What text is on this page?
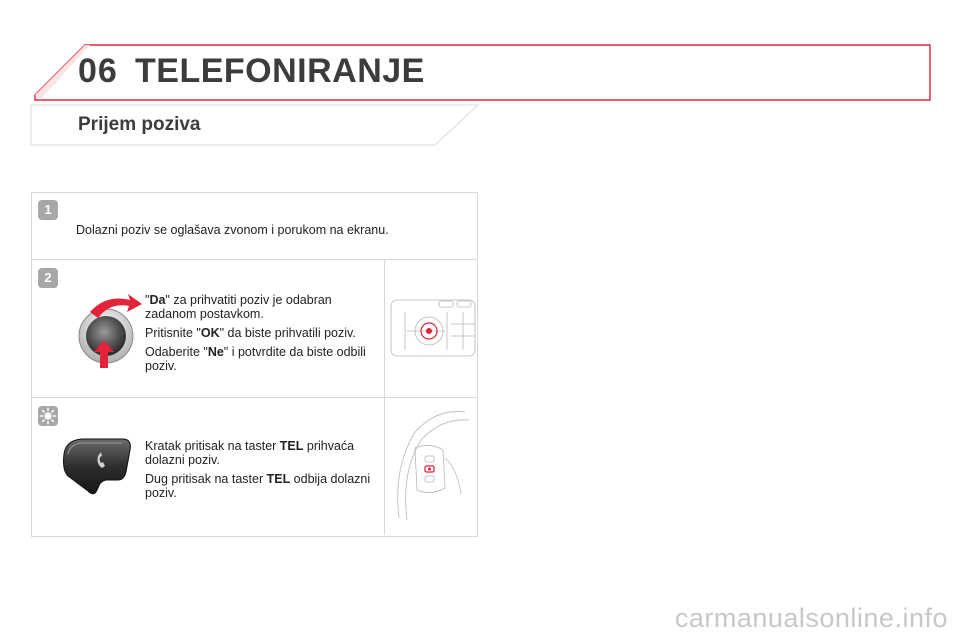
06 TELEFONIRANJE
Prijem poziva
1
Dolazni poziv se oglašava zvonom i porukom na ekranu.
2

"Da" za prihvatiti poziv je odabran zadanom postavkom.

Pritisnite "OK" da biste prihvatili poziv.

Odaberite "Ne" i potvrdite da biste odbili poziv.

Kratak pritisak na taster TEL prihvaća dolazni poziv.

Dug pritisak na taster TEL odbija dolazni poziv.

carmanualsonline.info
